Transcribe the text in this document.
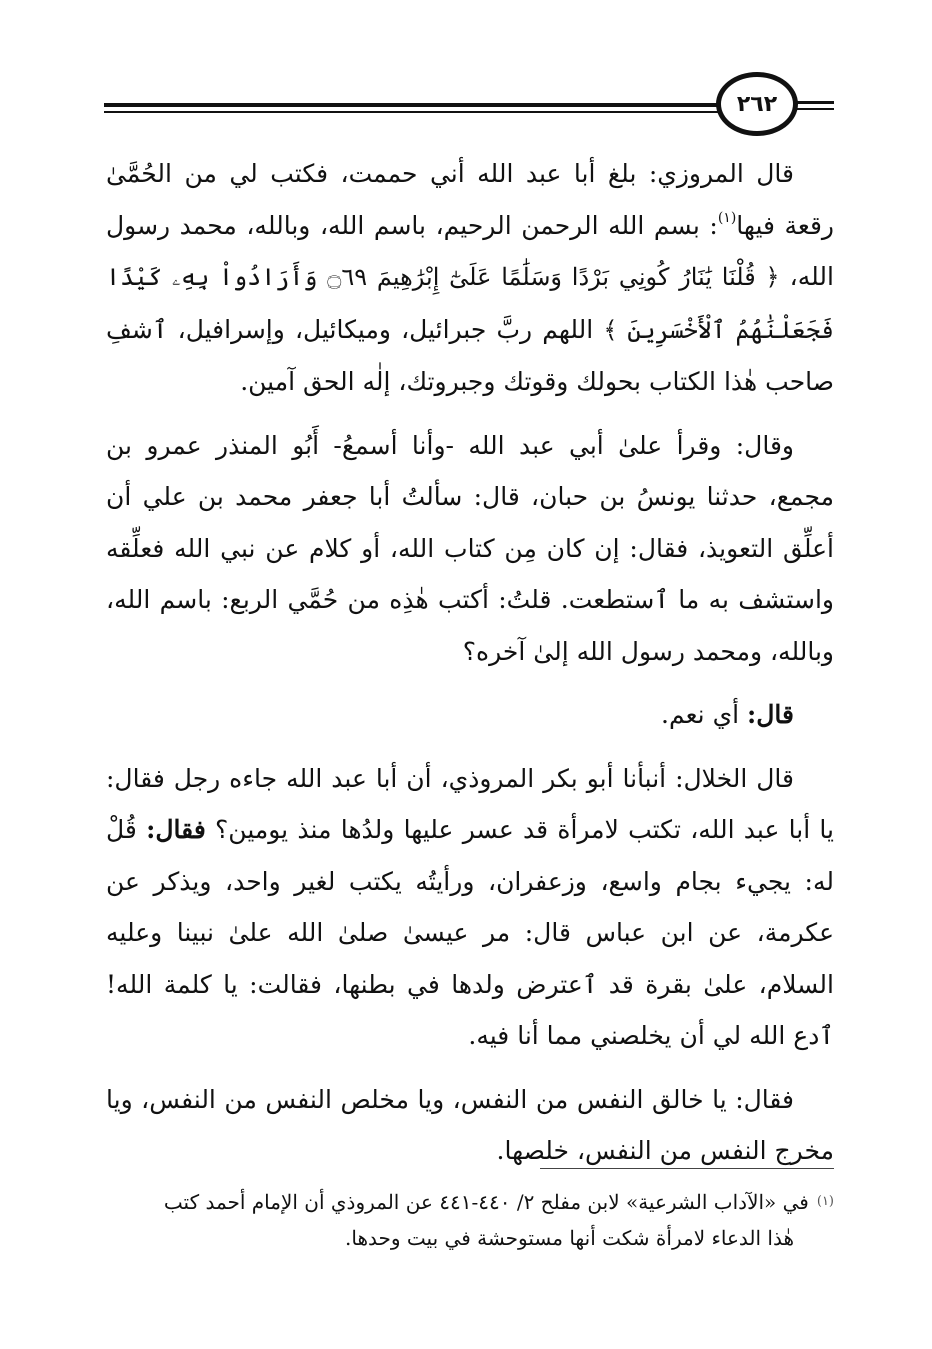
٢٦٢

قال المروزي: بلغ أبا عبد الله أني حممت، فكتب لي من الحُمَّىٰ رقعة فيها$^{(١)}$: بسم الله الرحمن الرحيم، باسم الله، وبالله، محمد رسول الله، ﴿ قُلْنَا يَٰنَارُ كُونِي بَرْدًا وَسَلَٰمًا عَلَىٰٓ إِبْرَٰهِيمَ ۝٦٩ وَأَرَادُواْ بِهِۦ كَيْدًا فَجَعَلْنَٰهُمُ ٱلْأَخْسَرِينَ ﴾ اللهم ربَّ جبرائيل، وميكائيل، وإسرافيل، ٱشفِ صاحب هٰذا الكتاب بحولك وقوتك وجبروتك، إلٰه الحق آمين.

وقال: وقرأ علىٰ أبي عبد الله -وأنا أسمعُ- أَبُو المنذر عمرو بن مجمع، حدثنا يونسُ بن حبان، قال: سألتُ أبا جعفر محمد بن علي أن أعلِّق التعويذ، فقال: إن كان مِن كتاب الله، أو كلام عن نبي الله فعلِّقه واستشف به ما ٱستطعت. قلتُ: أكتب هٰذِه من حُمَّي الربع: باسم الله، وبالله، ومحمد رسول الله إلىٰ آخره؟

قال: أي نعم.

قال الخلال: أنبأنا أبو بكر المروذي، أن أبا عبد الله جاءه رجل فقال: يا أبا عبد الله، تكتب لامرأة قد عسر عليها ولدُها منذ يومين؟ فقال: قُلْ له: يجيء بجام واسع، وزعفران، ورأيتُه يكتب لغير واحد، ويذكر عن عكرمة، عن ابن عباس قال: مر عيسىٰ صلىٰ الله علىٰ نبينا و‌عليه السلام، علىٰ بقرة قد ٱعترض ولدها في بطنها، فقالت: يا كلمة الله! ٱدع الله لي أن يخلصني مما أنا فيه.

فقال: يا خالق النفس من النفس، ويا مخلص النفس من النفس، ويا مخرج النفس من النفس، خلصها.

$^{(١)}$في «الآداب الشرعية» لابن مفلح ٢/ ٤٤٠-٤٤١ عن المروذي أن الإمام أحمد كتب

هٰذا الدعاء لامرأة شكت أنها مستوحشة في بيت وحدها.
